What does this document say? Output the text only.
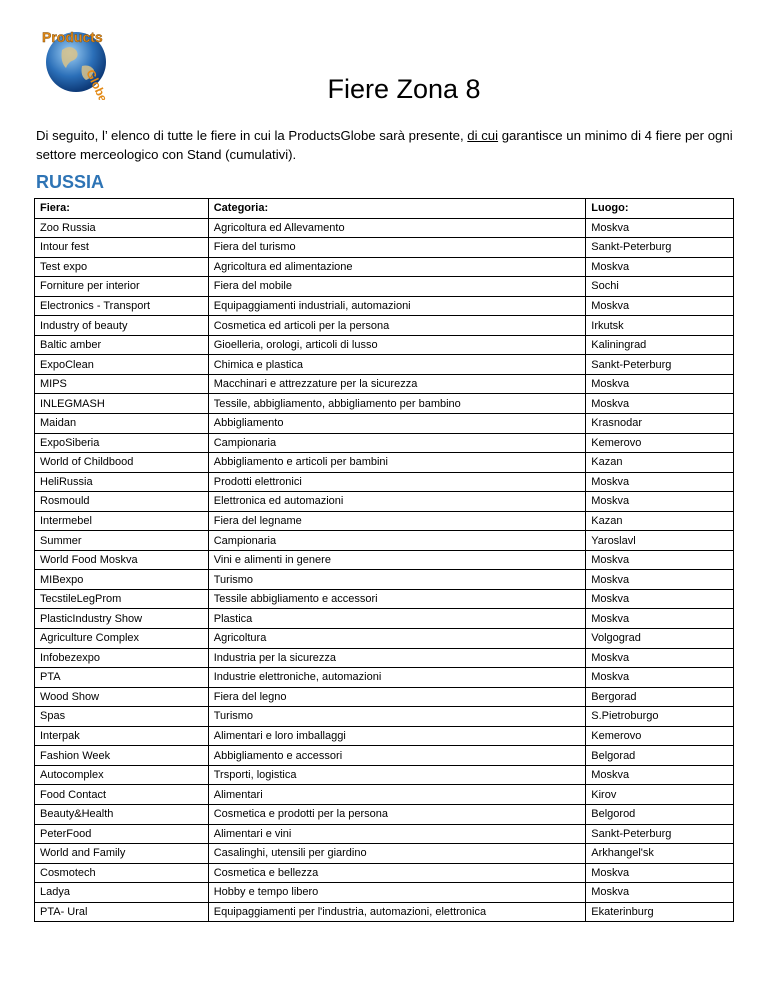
Products
Globe	Fiere Zona 8
Di seguito, l’ elenco di tutte le fiere in cui la ProductsGlobe sarà presente, di cui garantisce un minimo di 4 fiere per ogni settore merceologico con Stand (cumulativi).
RUSSIA
Fiera:	Categoria:	Luogo:
Zoo Russia	Agricoltura ed Allevamento	Moskva
Intour fest	Fiera del turismo	Sankt-Peterburg
Test expo	Agricoltura ed alimentazione	Moskva
Forniture per interior	Fiera del mobile	Sochi
Electronics - Transport	Equipaggiamenti industriali, automazioni	Moskva
Industry of beauty	Cosmetica ed articoli per la persona	Irkutsk
Baltic amber	Gioelleria, orologi, articoli di lusso	Kaliningrad
ExpoClean	Chimica e plastica	Sankt-Peterburg
MIPS	Macchinari e attrezzature per la sicurezza	Moskva
INLEGMASH	Tessile, abbigliamento, abbigliamento per bambino	Moskva
Maidan	Abbigliamento	Krasnodar
ExpoSiberia	Campionaria	Kemerovo
World of Childbood	Abbigliamento e articoli per bambini	Kazan
HeliRussia	Prodotti elettronici	Moskva
Rosmould	Elettronica ed automazioni	Moskva
Intermebel	Fiera del legname	Kazan
Summer	Campionaria	Yaroslavl
World Food Moskva	Vini e alimenti in genere	Moskva
MIBexpo	Turismo	Moskva
TecstileLegProm	Tessile abbigliamento e accessori	Moskva
PlasticIndustry Show	Plastica	Moskva
Agriculture Complex	Agricoltura	Volgograd
Infobezexpo	Industria per la sicurezza	Moskva
PTA	Industrie elettroniche, automazioni	Moskva
Wood Show	Fiera del legno	Bergorad
Spas	Turismo	S.Pietroburgo
Interpak	Alimentari e loro imballaggi	Kemerovo
Fashion Week	Abbigliamento e accessori	Belgorad
Autocomplex	Trsporti, logistica	Moskva
Food Contact	Alimentari	Kirov
Beauty&Health	Cosmetica e prodotti per la persona	Belgorod
PeterFood	Alimentari e vini	Sankt-Peterburg
World and Family	Casalinghi, utensili per giardino	Arkhangel'sk
Cosmotech	Cosmetica e bellezza	Moskva
Ladya	Hobby e tempo libero	Moskva
PTA- Ural	Equipaggiamenti per l'industria, automazioni, elettronica	Ekaterinburg
